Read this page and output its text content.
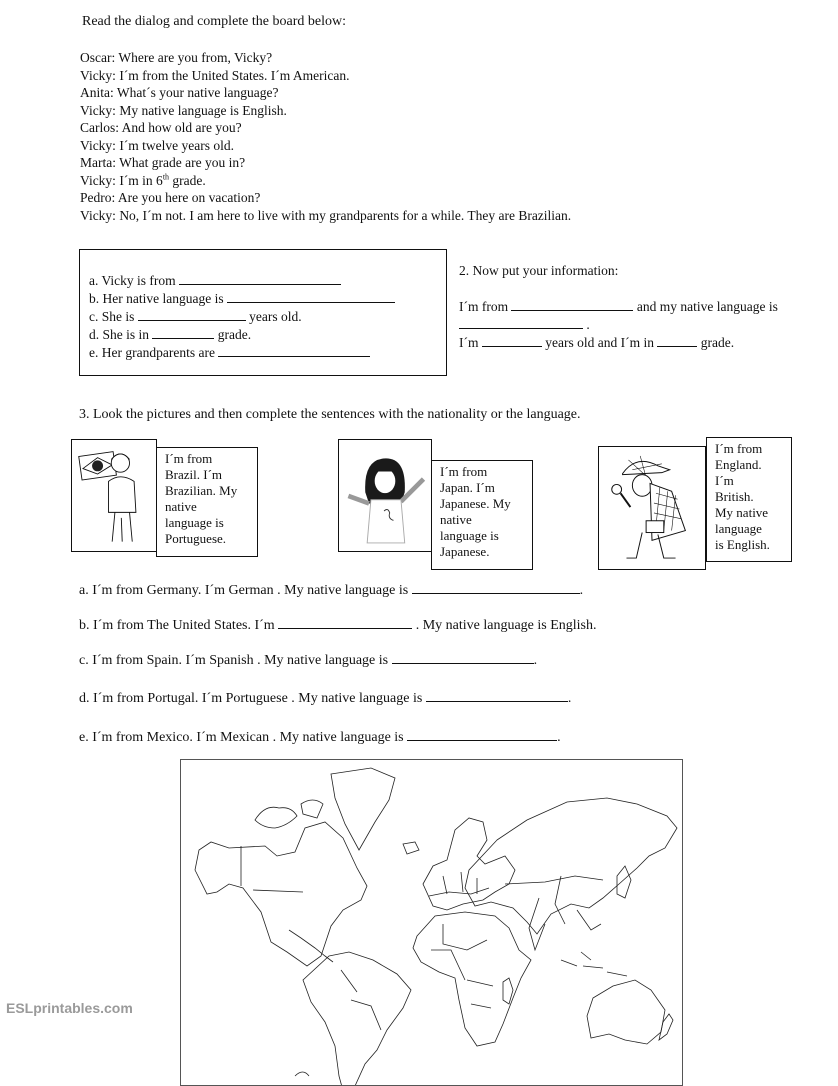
Read the dialog and complete the board below:
Oscar: Where are you from, Vicky?
Vicky: I´m from the United States. I´m American.
Anita: What´s your native language?
Vicky: My native language is English.
Carlos: And how old are you?
Vicky: I´m twelve years old.
Marta: What grade are you in?
Vicky: I´m in 6th grade.
Pedro: Are you here on vacation?
Vicky: No, I´m not. I am here to live with my grandparents for a while. They are Brazilian.
a. Vicky is from
b. Her native language is
c. She is	years old.
d. She is in	grade.
e. Her grandparents are
2. Now put your information:
I´m from	and my native language is
.
I´m	years old and I´m in	grade.
3. Look the pictures and then complete the sentences with the nationality or the language.
I´m from
Brazil. I´m
Brazilian. My
native
language is
Portuguese.
I´m from
Japan. I´m
Japanese. My
native
language is
Japanese.
I´m from
England.
I´m
British.
My native
language
is English.
a. I´m from Germany. I´m German . My native language is	.
b. I´m from The United States. I´m	. My native language is English.
c. I´m from Spain. I´m Spanish . My native language is	.
d. I´m from Portugal. I´m Portuguese . My native language is	.
e. I´m from Mexico. I´m Mexican . My native language is	.
ESLprintables.com
